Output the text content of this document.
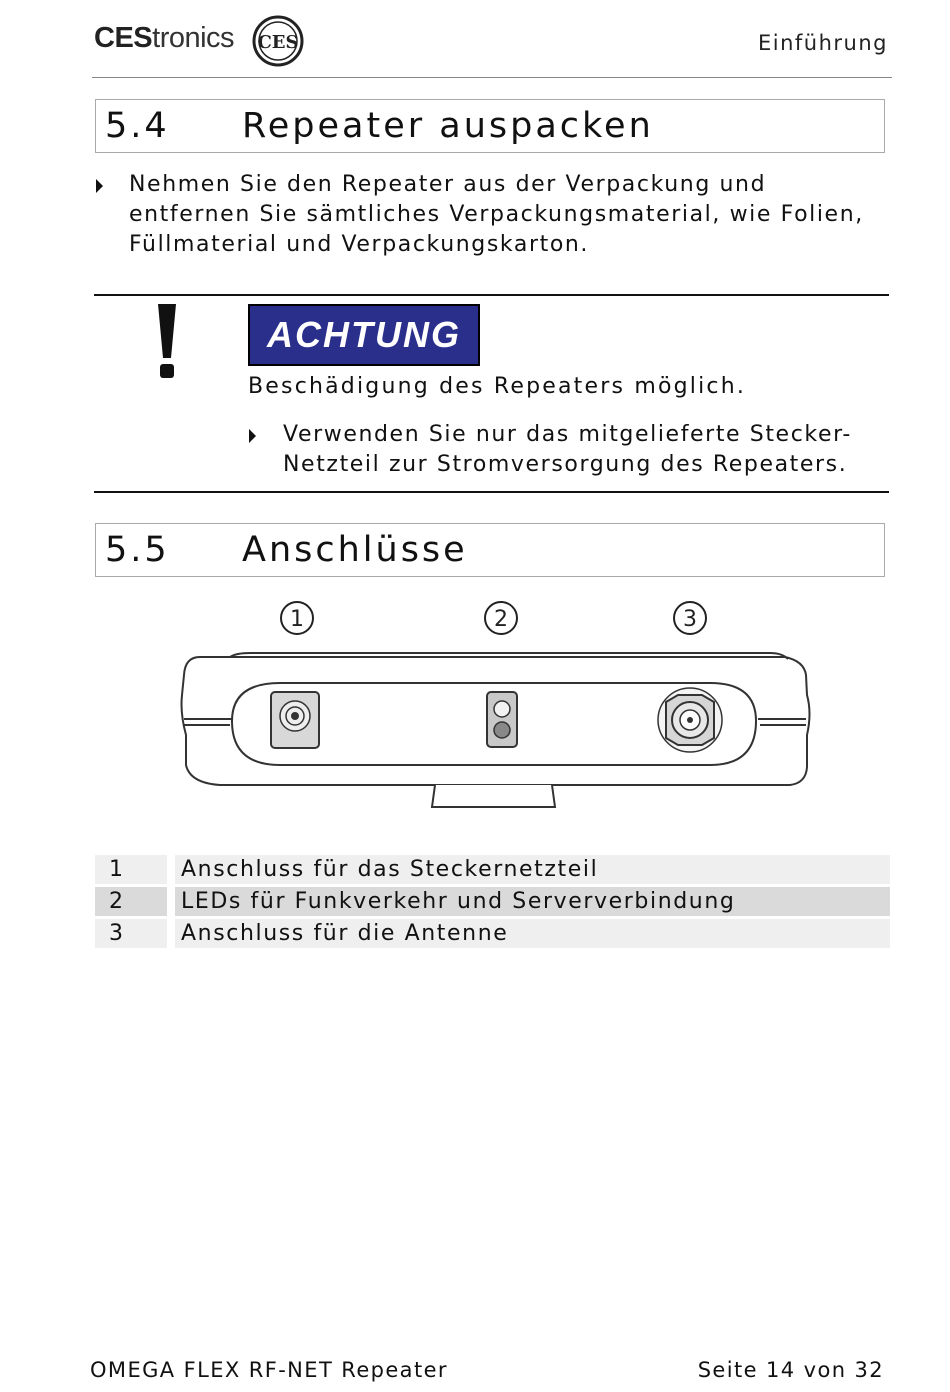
CEStronics CES	Einführung
5.4 Repeater auspacken
Nehmen Sie den Repeater aus der Verpackung und
entfernen Sie sämtliches Verpackungsmaterial, wie Folien,
Füllmaterial und Verpackungskarton.
ACHTUNG
Beschädigung des Repeaters möglich.
Verwenden Sie nur das mitgelieferte Stecker-
Netzteil zur Stromversorgung des Repeaters.
5.5 Anschlüsse
1	2	3
1		Anschluss für das Steckernetzteil
2		LEDs für Funkverkehr und Serververbindung
3		Anschluss für die Antenne
OMEGA FLEX RF-NET Repeater	Seite 14 von 32
